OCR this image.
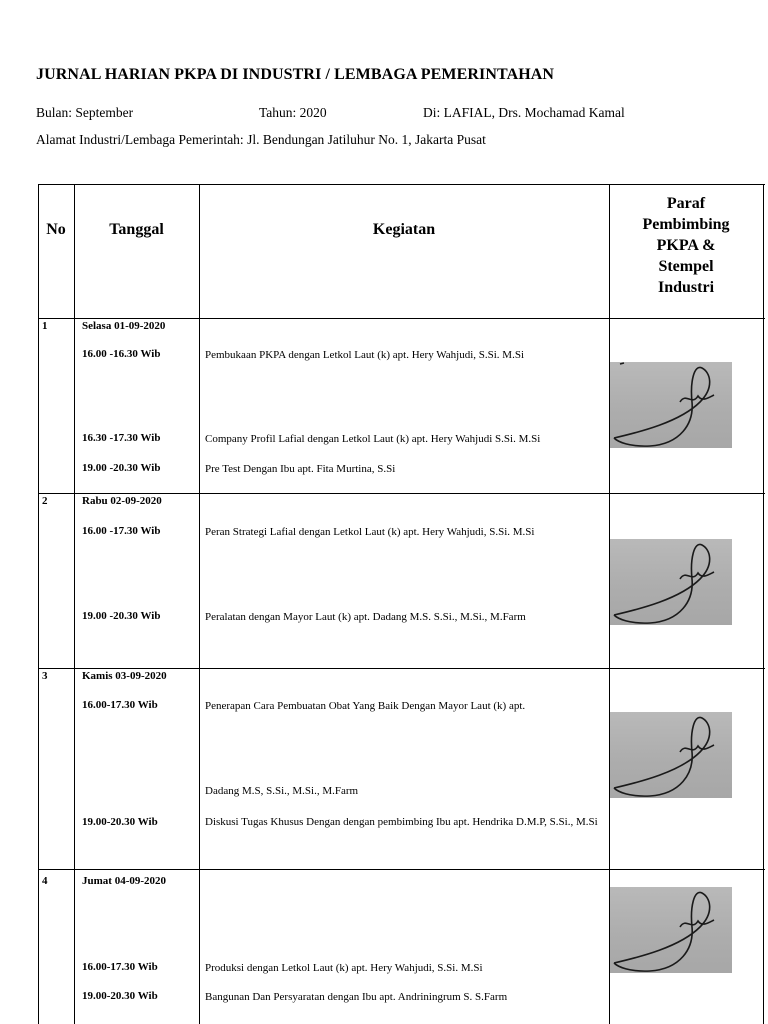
JURNAL HARIAN PKPA DI INDUSTRI / LEMBAGA PEMERINTAHAN
Bulan: September	Tahun: 2020	Di: LAFIAL, Drs. Mochamad Kamal
Alamat Industri/Lembaga Pemerintah: Jl. Bendungan Jatiluhur No. 1, Jakarta Pusat
No	Tanggal	Kegiatan
Paraf
Pembimbing
PKPA &
Stempel
Industri
1	Selasa 01-09-2020
16.00 -16.30 Wib	Pembukaan PKPA dengan Letkol Laut (k) apt. Hery Wahjudi, S.Si. M.Si
16.30 -17.30 Wib	Company Profil Lafial dengan Letkol Laut (k) apt. Hery Wahjudi S.Si. M.Si
19.00 -20.30 Wib	Pre Test Dengan Ibu apt. Fita Murtina, S.Si
2	Rabu 02-09-2020
16.00 -17.30 Wib	Peran Strategi Lafial dengan Letkol Laut (k) apt. Hery Wahjudi, S.Si. M.Si
19.00 -20.30 Wib	Peralatan dengan Mayor Laut (k) apt. Dadang M.S. S.Si., M.Si., M.Farm
3	Kamis 03-09-2020
16.00-17.30 Wib	Penerapan Cara Pembuatan Obat Yang Baik Dengan Mayor Laut (k) apt.
Dadang M.S, S.Si., M.Si., M.Farm
19.00-20.30 Wib	Diskusi Tugas Khusus Dengan dengan pembimbing Ibu apt. Hendrika D.M.P, S.Si., M.Si
4	Jumat 04-09-2020
16.00-17.30 Wib	Produksi dengan Letkol Laut (k) apt. Hery Wahjudi, S.Si. M.Si
19.00-20.30 Wib	Bangunan Dan Persyaratan dengan Ibu apt. Andriningrum S. S.Farm
